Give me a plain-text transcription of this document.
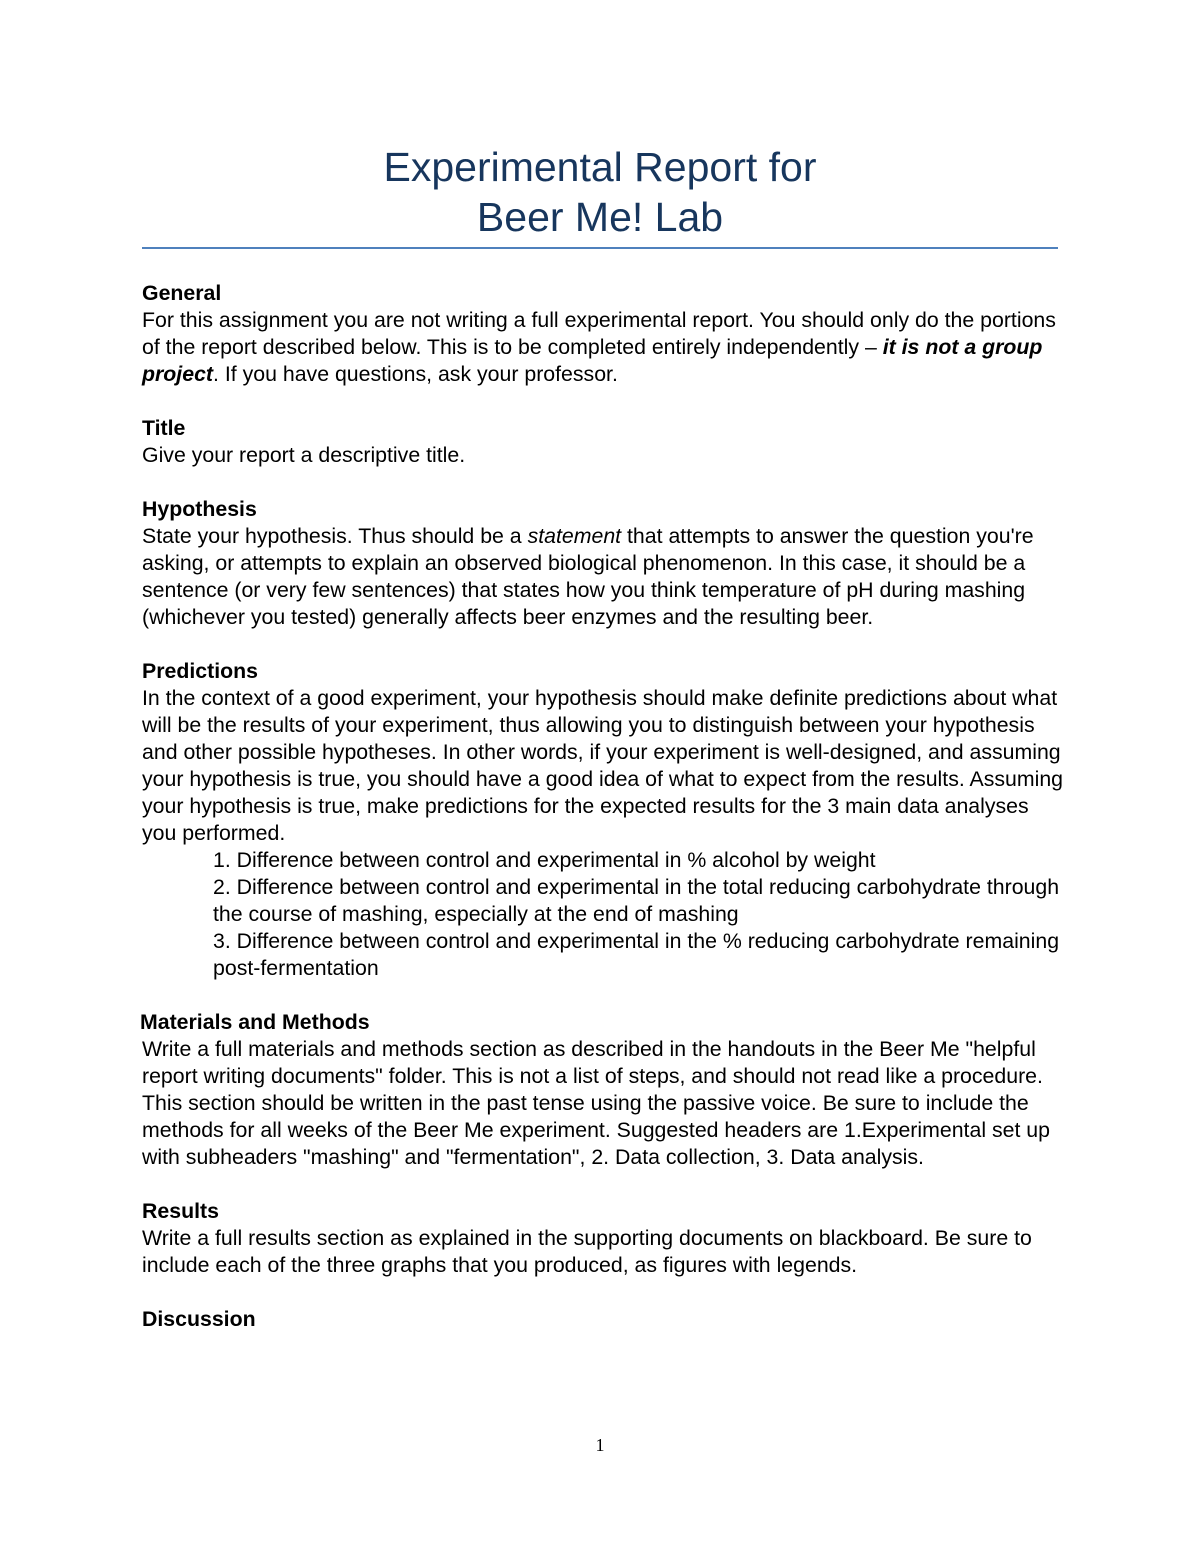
Experimental Report for
Beer Me! Lab
General

For this assignment you are not writing a full experimental report. You should only do the portions of the report described below. This is to be completed entirely independently – it is not a group project. If you have questions, ask your professor.

Title

Give your report a descriptive title.

Hypothesis

State your hypothesis. Thus should be a statement that attempts to answer the question you're asking, or attempts to explain an observed biological phenomenon. In this case, it should be a sentence (or very few sentences) that states how you think temperature of pH during mashing (whichever you tested) generally affects beer enzymes and the resulting beer.

Predictions

In the context of a good experiment, your hypothesis should make definite predictions about what will be the results of your experiment, thus allowing you to distinguish between your hypothesis and other possible hypotheses. In other words, if your experiment is well-designed, and assuming your hypothesis is true, you should have a good idea of what to expect from the results. Assuming your hypothesis is true, make predictions for the expected results for the 3 main data analyses you performed.

1. Difference between control and experimental in % alcohol by weight
2. Difference between control and experimental in the total reducing carbohydrate through the course of mashing, especially at the end of mashing
3. Difference between control and experimental in the % reducing carbohydrate remaining post-fermentation
Materials and Methods

Write a full materials and methods section as described in the handouts in the Beer Me "helpful report writing documents" folder. This is not a list of steps, and should not read like a procedure. This section should be written in the past tense using the passive voice. Be sure to include the methods for all weeks of the Beer Me experiment. Suggested headers are 1.Experimental set up with subheaders "mashing" and "fermentation", 2. Data collection, 3. Data analysis.

Results

Write a full results section as explained in the supporting documents on blackboard. Be sure to include each of the three graphs that you produced, as figures with legends.

Discussion
1
